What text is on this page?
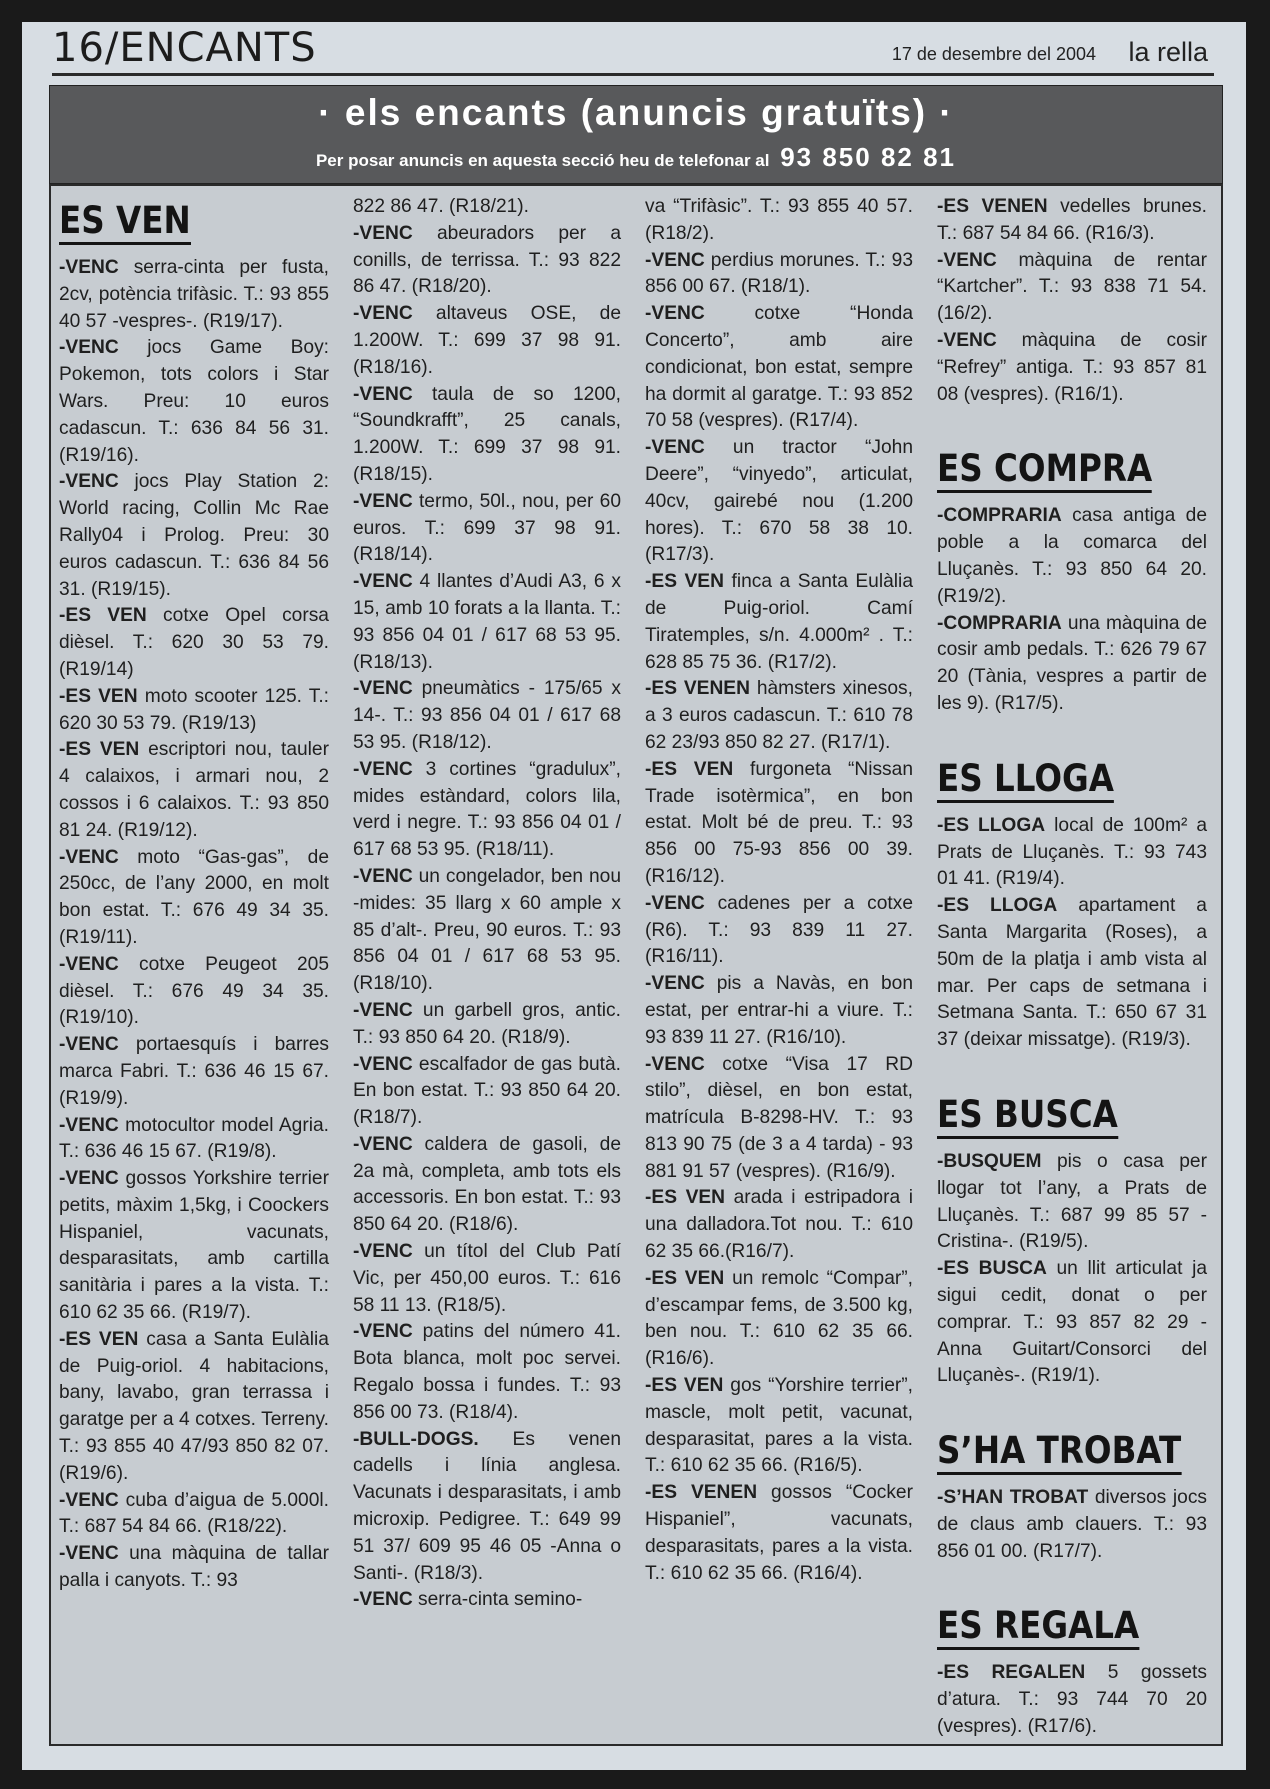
16/ENCANTS	17 de desembre del 2004 la rella
· els encants (anuncis gratuïts) ·
Per posar anuncis en aquesta secció heu de telefonar al 93 850 82 81
ES VEN

-VENC serra-cinta per fusta, 2cv, potència trifàsic. T.: 93 855 40 57 -vespres-. (R19/17).

-VENC jocs Game Boy: Pokemon, tots colors i Star Wars. Preu: 10 euros cadascun. T.: 636 84 56 31. (R19/16).

-VENC jocs Play Station 2: World racing, Collin Mc Rae Rally04 i Prolog. Preu: 30 euros cadascun. T.: 636 84 56 31. (R19/15).

-ES VEN cotxe Opel corsa dièsel. T.: 620 30 53 79. (R19/14)

-ES VEN moto scooter 125. T.: 620 30 53 79. (R19/13)

-ES VEN escriptori nou, tauler 4 calaixos, i armari nou, 2 cossos i 6 calaixos. T.: 93 850 81 24. (R19/12).

-VENC moto “Gas-gas”, de 250cc, de l’any 2000, en molt bon estat. T.: 676 49 34 35. (R19/11).

-VENC cotxe Peugeot 205 dièsel. T.: 676 49 34 35. (R19/10).

-VENC portaesquís i barres marca Fabri. T.: 636 46 15 67. (R19/9).

-VENC motocultor model Agria. T.: 636 46 15 67. (R19/8).

-VENC gossos Yorkshire terrier petits, màxim 1,5kg, i Coockers Hispaniel, vacunats, desparasitats, amb cartilla sanitària i pares a la vista. T.: 610 62 35 66. (R19/7).

-ES VEN casa a Santa Eulàlia de Puig-oriol. 4 habitacions, bany, lavabo, gran terrassa i garatge per a 4 cotxes. Terreny. T.: 93 855 40 47/93 850 82 07. (R19/6).

-VENC cuba d’aigua de 5.000l. T.: 687 54 84 66. (R18/22).

-VENC una màquina de tallar palla i canyots. T.: 93

822 86 47. (R18/21).

-VENC abeuradors per a conills, de terrissa. T.: 93 822 86 47. (R18/20).

-VENC altaveus OSE, de 1.200W. T.: 699 37 98 91. (R18/16).

-VENC taula de so 1200, “Soundkrafft”, 25 canals, 1.200W. T.: 699 37 98 91. (R18/15).

-VENC termo, 50l., nou, per 60 euros. T.: 699 37 98 91. (R18/14).

-VENC 4 llantes d’Audi A3, 6 x 15, amb 10 forats a la llanta. T.: 93 856 04 01 / 617 68 53 95. (R18/13).

-VENC pneumàtics - 175/65 x 14-. T.: 93 856 04 01 / 617 68 53 95. (R18/12).

-VENC 3 cortines “gradulux”, mides estàndard, colors lila, verd i negre. T.: 93 856 04 01 / 617 68 53 95. (R18/11).

-VENC un congelador, ben nou -mides: 35 llarg x 60 ample x 85 d’alt-. Preu, 90 euros. T.: 93 856 04 01 / 617 68 53 95. (R18/10).

-VENC un garbell gros, antic. T.: 93 850 64 20. (R18/9).

-VENC escalfador de gas butà. En bon estat. T.: 93 850 64 20. (R18/7).

-VENC caldera de gasoli, de 2a mà, completa, amb tots els accessoris. En bon estat. T.: 93 850 64 20. (R18/6).

-VENC un títol del Club Patí Vic, per 450,00 euros. T.: 616 58 11 13. (R18/5).

-VENC patins del número 41. Bota blanca, molt poc servei. Regalo bossa i fundes. T.: 93 856 00 73. (R18/4).

-BULL-DOGS. Es venen cadells i línia anglesa. Vacunats i desparasitats, i amb microxip. Pedigree. T.: 649 99 51 37/ 609 95 46 05 -Anna o Santi-. (R18/3).

-VENC serra-cinta semino-

va “Trifàsic”. T.: 93 855 40 57. (R18/2).

-VENC perdius morunes. T.: 93 856 00 67. (R18/1).

-VENC cotxe “Honda Concerto”, amb aire condicionat, bon estat, sempre ha dormit al garatge. T.: 93 852 70 58 (vespres). (R17/4).

-VENC un tractor “John Deere”, “vinyedo”, articulat, 40cv, gairebé nou (1.200 hores). T.: 670 58 38 10. (R17/3).

-ES VEN finca a Santa Eulàlia de Puig-oriol. Camí Tiratemples, s/n. 4.000m² . T.: 628 85 75 36. (R17/2).

-ES VENEN hàmsters xinesos, a 3 euros cadascun. T.: 610 78 62 23/93 850 82 27. (R17/1).

-ES VEN furgoneta “Nissan Trade isotèrmica”, en bon estat. Molt bé de preu. T.: 93 856 00 75-93 856 00 39. (R16/12).

-VENC cadenes per a cotxe (R6). T.: 93 839 11 27. (R16/11).

-VENC pis a Navàs, en bon estat, per entrar-hi a viure. T.: 93 839 11 27. (R16/10).

-VENC cotxe “Visa 17 RD stilo”, dièsel, en bon estat, matrícula B-8298-HV. T.: 93 813 90 75 (de 3 a 4 tarda) - 93 881 91 57 (vespres). (R16/9).

-ES VEN arada i estripadora i una dalladora.Tot nou. T.: 610 62 35 66.(R16/7).

-ES VEN un remolc “Compar”, d’escampar fems, de 3.500 kg, ben nou. T.: 610 62 35 66. (R16/6).

-ES VEN gos “Yorshire terrier”, mascle, molt petit, vacunat, desparasitat, pares a la vista. T.: 610 62 35 66. (R16/5).

-ES VENEN gossos “Cocker Hispaniel”, vacunats, desparasitats, pares a la vista. T.: 610 62 35 66. (R16/4).

-ES VENEN vedelles brunes. T.: 687 54 84 66. (R16/3).

-VENC màquina de rentar “Kartcher”. T.: 93 838 71 54. (16/2).

-VENC màquina de cosir “Refrey” antiga. T.: 93 857 81 08 (vespres). (R16/1).

ES COMPRA

-COMPRARIA casa antiga de poble a la comarca del Lluçanès. T.: 93 850 64 20. (R19/2).

-COMPRARIA una màquina de cosir amb pedals. T.: 626 79 67 20 (Tània, vespres a partir de les 9). (R17/5).

ES LLOGA

-ES LLOGA local de 100m² a Prats de Lluçanès. T.: 93 743 01 41. (R19/4).

-ES LLOGA apartament a Santa Margarita (Roses), a 50m de la platja i amb vista al mar. Per caps de setmana i Setmana Santa. T.: 650 67 31 37 (deixar missatge). (R19/3).

ES BUSCA

-BUSQUEM pis o casa per llogar tot l’any, a Prats de Lluçanès. T.: 687 99 85 57 -Cristina-. (R19/5).

-ES BUSCA un llit articulat ja sigui cedit, donat o per comprar. T.: 93 857 82 29 -Anna Guitart/Consorci del Lluçanès-. (R19/1).

S’HA TROBAT

-S’HAN TROBAT diversos jocs de claus amb clauers. T.: 93 856 01 00. (R17/7).

ES REGALA

-ES REGALEN 5 gossets d’atura. T.: 93 744 70 20 (vespres). (R17/6).
